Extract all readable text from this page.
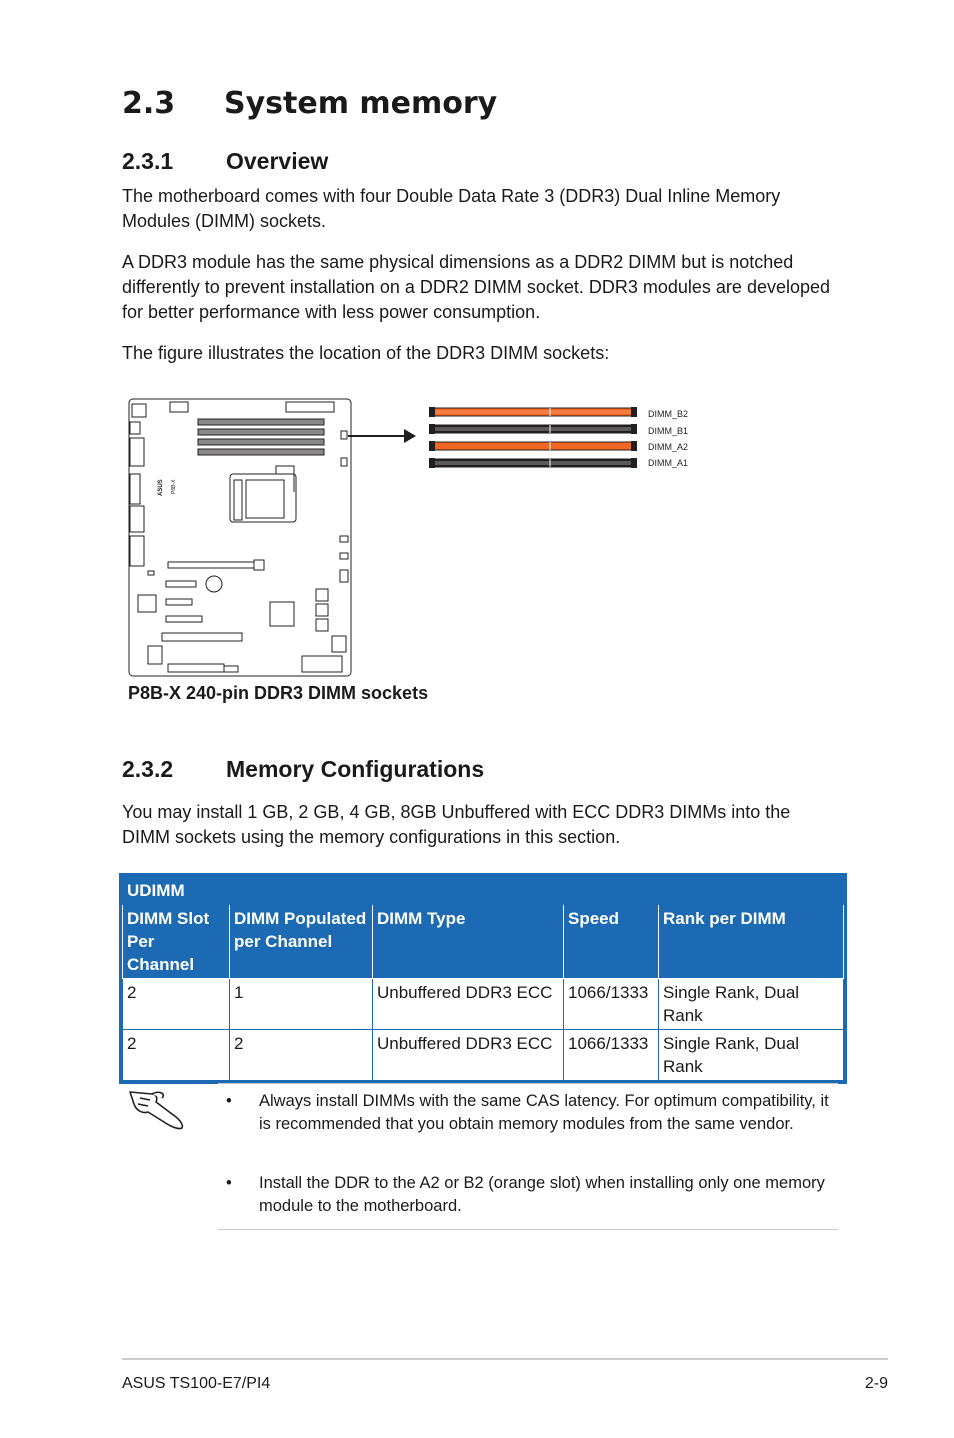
2.3 System memory
2.3.1 Overview

The motherboard comes with four Double Data Rate 3 (DDR3) Dual Inline Memory Modules (DIMM) sockets.

A DDR3 module has the same physical dimensions as a DDR2 DIMM but is notched differently to prevent installation on a DDR2 DIMM socket. DDR3 modules are developed for better performance with less power consumption.

The figure illustrates the location of the DDR3 DIMM sockets:

ASUS P8B-X
DIMM_B2
DIMM_B1
DIMM_A2
DIMM_A1

P8B-X 240-pin DDR3 DIMM sockets

2.3.2 Memory Configurations

You may install 1 GB, 2 GB, 4 GB, 8GB Unbuffered with ECC DDR3 DIMMs into the DIMM sockets using the memory configurations in this section.

UDIMM				
DIMM Slot Per Channel	DIMM Populated per Channel	DIMM Type	Speed	Rank per DIMM
2	1	Unbuffered DDR3 ECC	1066/1333	Single Rank, Dual Rank
2	2	Unbuffered DDR3 ECC	1066/1333	Single Rank, Dual Rank
• Always install DIMMs with the same CAS latency. For optimum compatibility, it is recommended that you obtain memory modules from the same vendor.
• Install the DDR to the A2 or B2 (orange slot) when installing only one memory module to the motherboard.
ASUS TS100-E7/PI4	2-9
